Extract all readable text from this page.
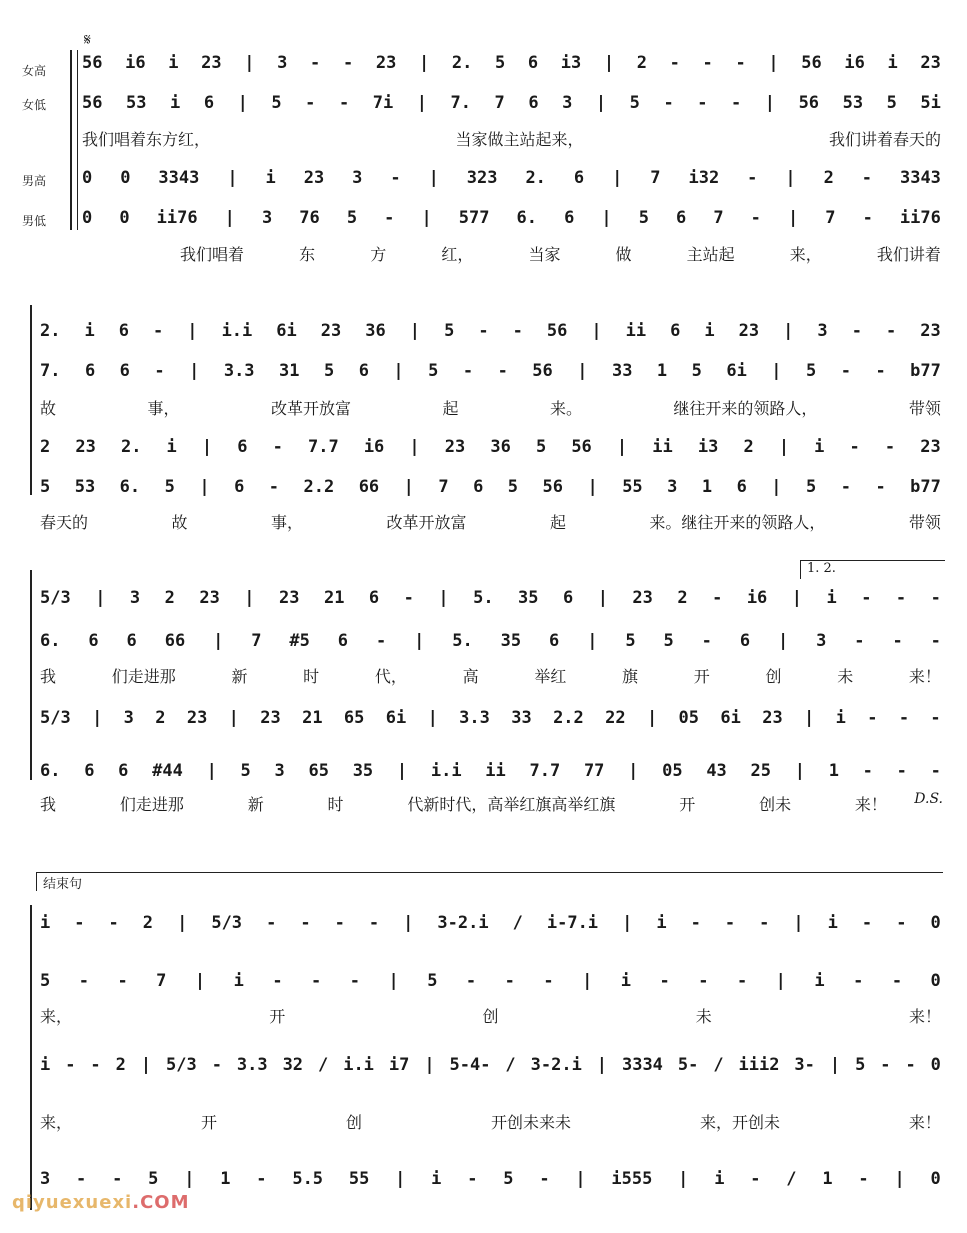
𝄋
女高
女低
男高
男低
56 i6 i 23 | 3 - - 23 | 2. 5 6 i3 | 2 - - - | 56 i6 i 23
56 53 i 6 | 5 - - 7i | 7. 7 6 3 | 5 - - - | 56 53 5 5i
我们唱着东方红，	当家做主站起来，	我们讲着春天的
0 0 3343 | i 23 3 - | 323 2. 6 | 7 i32 - | 2 - 3343
0 0 ii76 | 3 76 5 - | 577 6. 6 | 5 6 7 - | 7 - ii76
我们唱着	东	方	红，	当家	做	主站起	来，	我们讲着
2. i 6 - | i.i 6i 23 36 | 5 - - 56 | ii 6 i 23 | 3 - - 23
7. 6 6 - | 3.3 31 5 6 | 5 - - 56 | 33 1 5 6i | 5 - - b77
故	事，	改革开放富	起	来。	继往开来的领路人，	带领
2 23 2. i | 6 - 7.7 i6 | 23 36 5 56 | ii i3 2 | i - - 23
5 53 6. 5 | 6 - 2.2 66 | 7 6 5 56 | 55 3 1 6 | 5 - - b77
春天的	故	事，	改革开放富	起	来。继往开来的领路人，	带领
1. 2.
5/3 | 3 2 23 | 23 21 6 - | 5. 35 6 | 23 2 - i6 | i - - -
6. 6 6 66 | 7 #5 6 - | 5. 35 6 | 5 5 - 6 | 3 - - -
我	们走进那	新	时	代，	高	举红	旗	开	创	未	来！
5/3 | 3 2 23 | 23 21 65 6i | 3.3 33 2.2 22 | 05 6i 23 | i - - -
6. 6 6 #44 | 5 3 65 35 | i.i ii 7.7 77 | 05 43 25 | 1 - - -
我	们走进那	新	时	代新时代，高举红旗高举红旗	开	创未	来！ D.S.
结束句
i - - 2 | 5/3 - - - - | 3-2.i / i-7.i | i - - - | i - - 0
5 - - 7 | i - - - | 5 - - - | i - - - | i - - 0
来，	开	创	未	来！
i - - 2 | 5/3 - 3.3 32 / i.i i7 | 5-4- / 3-2.i | 3334 5- / iii2 3- | 5 - - 0
来，	开	创	开创未来未	来，开创未	来！
3 - - 5 | 1 - 5.5 55 | i - 5 - | i555 | i - / 1 - | 0
qiyuexuexi.COM
